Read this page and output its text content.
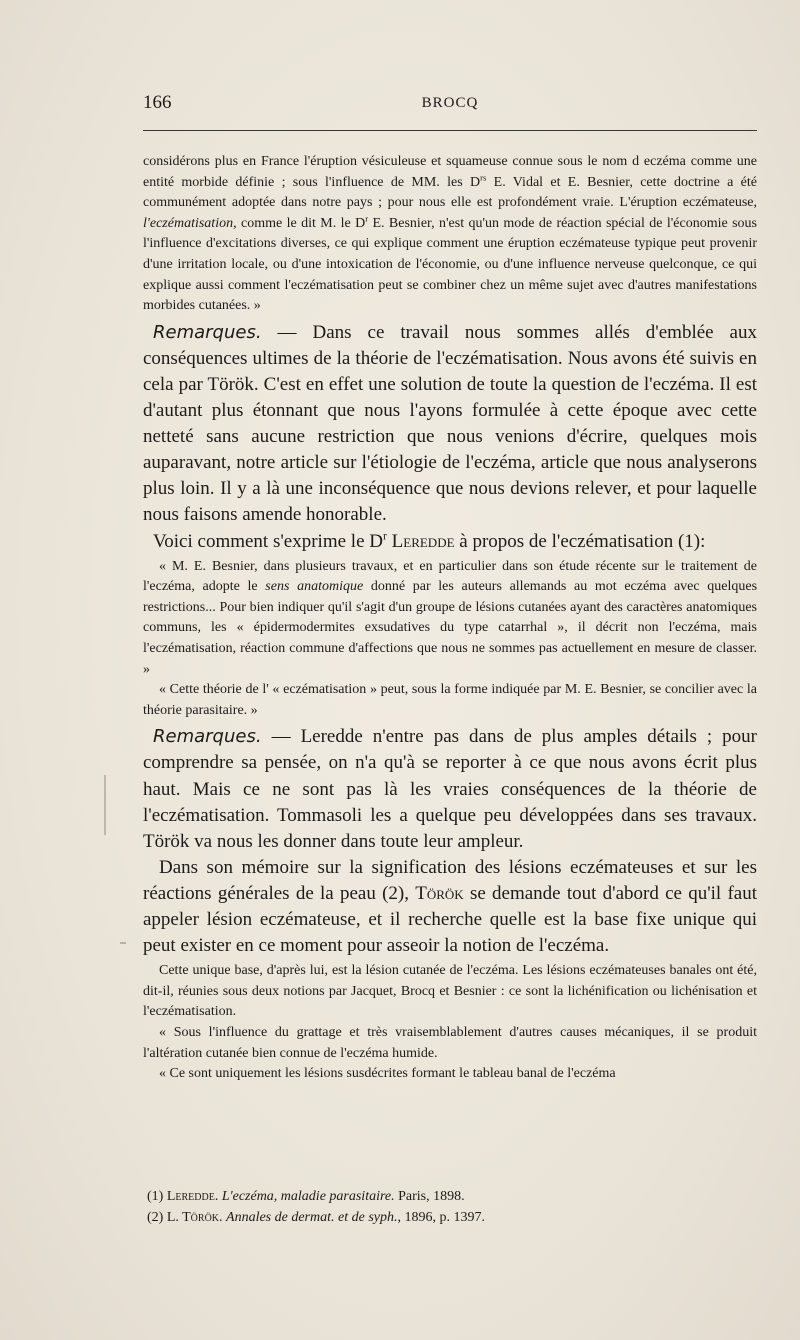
166	BROCQ

considérons plus en France l'éruption vésiculeuse et squameuse connue sous le nom d eczéma comme une entité morbide définie ; sous l'influence de MM. les $D^{rs}$ E. Vidal et E. Besnier, cette doctrine a été communément adoptée dans notre pays ; pour nous elle est profondément vraie. L'éruption eczémateuse, l'eczématisation, comme le dit M. le $D^r$ E. Besnier, n'est qu'un mode de réaction spécial de l'économie sous l'influence d'excitations diverses, ce qui explique comment une éruption eczémateuse typique peut provenir d'une irritation locale, ou d'une intoxication de l'économie, ou d'une influence nerveuse quelconque, ce qui explique aussi comment l'eczématisation peut se combiner chez un même sujet avec d'autres manifestations morbides cutanées. »

Remarques. — Dans ce travail nous sommes allés d'emblée aux conséquences ultimes de la théorie de l'eczématisation. Nous avons été suivis en cela par Török. C'est en effet une solution de toute la question de l'eczéma. Il est d'autant plus étonnant que nous l'ayons formulée à cette époque avec cette netteté sans aucune restriction que nous venions d'écrire, quelques mois auparavant, notre article sur l'étiologie de l'eczéma, article que nous analyserons plus loin. Il y a là une inconséquence que nous devions relever, et pour laquelle nous faisons amende honorable.

Voici comment s'exprime le $D^r$ Leredde à propos de l'eczématisation (1):

« M. E. Besnier, dans plusieurs travaux, et en particulier dans son étude récente sur le traitement de l'eczéma, adopte le sens anatomique donné par les auteurs allemands au mot eczéma avec quelques restrictions... Pour bien indiquer qu'il s'agit d'un groupe de lésions cutanées ayant des caractères anatomiques communs, les « épidermodermites exsudatives du type catarrhal », il décrit non l'eczéma, mais l'eczématisation, réaction commune d'affections que nous ne sommes pas actuellement en mesure de classer. »

« Cette théorie de l' « eczématisation » peut, sous la forme indiquée par M. E. Besnier, se concilier avec la théorie parasitaire. »

Remarques. — Leredde n'entre pas dans de plus amples détails ; pour comprendre sa pensée, on n'a qu'à se reporter à ce que nous avons écrit plus haut. Mais ce ne sont pas là les vraies conséquences de la théorie de l'eczématisation. Tommasoli les a quelque peu développées dans ses travaux. Török va nous les donner dans toute leur ampleur.

Dans son mémoire sur la signification des lésions eczémateuses et sur les réactions générales de la peau (2), Török se demande tout d'abord ce qu'il faut appeler lésion eczémateuse, et il recherche quelle est la base fixe unique qui peut exister en ce moment pour asseoir la notion de l'eczéma.

Cette unique base, d'après lui, est la lésion cutanée de l'eczéma. Les lésions eczémateuses banales ont été, dit-il, réunies sous deux notions par Jacquet, Brocq et Besnier : ce sont la lichénification ou lichénisation et l'eczématisation.

« Sous l'influence du grattage et très vraisemblablement d'autres causes mécaniques, il se produit l'altération cutanée bien connue de l'eczéma humide.

« Ce sont uniquement les lésions susdécrites formant le tableau banal de l'eczéma

(1) Leredde. L'eczéma, maladie parasitaire. Paris, 1898.

(2) L. Török. Annales de dermat. et de syph., 1896, p. 1397.
